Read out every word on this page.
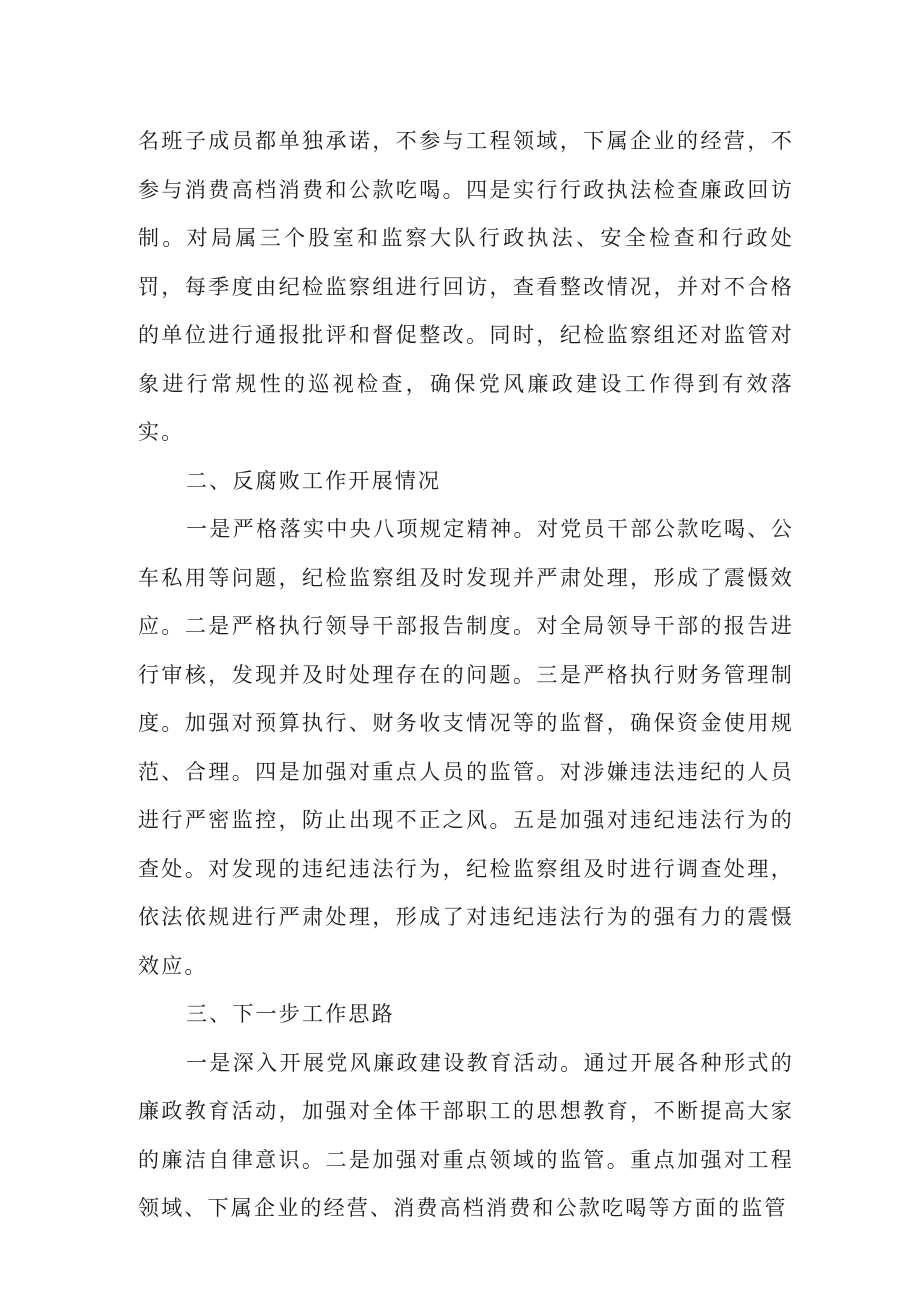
名班子成员都单独承诺，不参与工程领域，下属企业的经营，不参与消费高档消费和公款吃喝。四是实行行政执法检查廉政回访制。对局属三个股室和监察大队行政执法、安全检查和行政处罚，每季度由纪检监察组进行回访，查看整改情况，并对不合格的单位进行通报批评和督促整改。同时，纪检监察组还对监管对象进行常规性的巡视检查，确保党风廉政建设工作得到有效落实。

二、反腐败工作开展情况

一是严格落实中央八项规定精神。对党员干部公款吃喝、公车私用等问题，纪检监察组及时发现并严肃处理，形成了震慑效应。二是严格执行领导干部报告制度。对全局领导干部的报告进行审核，发现并及时处理存在的问题。三是严格执行财务管理制度。加强对预算执行、财务收支情况等的监督，确保资金使用规范、合理。四是加强对重点人员的监管。对涉嫌违法违纪的人员进行严密监控，防止出现不正之风。五是加强对违纪违法行为的查处。对发现的违纪违法行为，纪检监察组及时进行调查处理，依法依规进行严肃处理，形成了对违纪违法行为的强有力的震慑效应。

三、下一步工作思路

一是深入开展党风廉政建设教育活动。通过开展各种形式的廉政教育活动，加强对全体干部职工的思想教育，不断提高大家的廉洁自律意识。二是加强对重点领域的监管。重点加强对工程领域、下属企业的经营、消费高档消费和公款吃喝等方面的监管
